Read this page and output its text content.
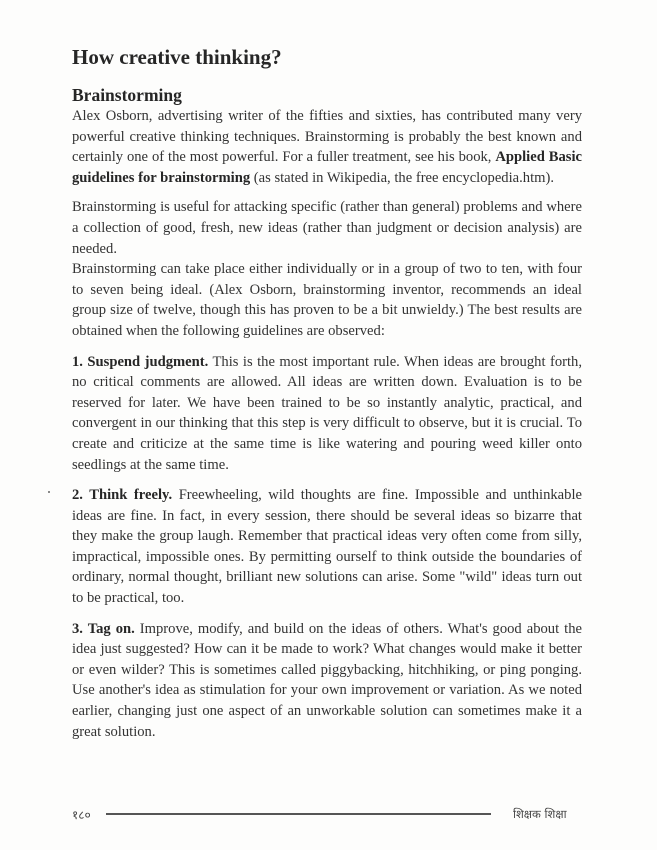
How creative thinking?
Brainstorming

Alex Osborn, advertising writer of the fifties and sixties, has contributed many very powerful creative thinking techniques. Brainstorming is probably the best known and certainly one of the most powerful. For a fuller treatment, see his book, Applied Basic guidelines for brainstorming (as stated in Wikipedia, the free encyclopedia.htm).

Brainstorming is useful for attacking specific (rather than general) problems and where a collection of good, fresh, new ideas (rather than judgment or decision analysis) are needed.

Brainstorming can take place either individually or in a group of two to ten, with four to seven being ideal. (Alex Osborn, brainstorming inventor, recommends an ideal group size of twelve, though this has proven to be a bit unwieldy.) The best results are obtained when the following guidelines are observed:

1. Suspend judgment. This is the most important rule. When ideas are brought forth, no critical comments are allowed. All ideas are written down. Evaluation is to be reserved for later. We have been trained to be so instantly analytic, practical, and convergent in our thinking that this step is very difficult to observe, but it is crucial. To create and criticize at the same time is like watering and pouring weed killer onto seedlings at the same time.

2. Think freely. Freewheeling, wild thoughts are fine. Impossible and unthinkable ideas are fine. In fact, in every session, there should be several ideas so bizarre that they make the group laugh. Remember that practical ideas very often come from silly, impractical, impossible ones. By permitting ourself to think outside the boundaries of ordinary, normal thought, brilliant new solutions can arise. Some "wild" ideas turn out to be practical, too.

3. Tag on. Improve, modify, and build on the ideas of others. What's good about the idea just suggested? How can it be made to work? What changes would make it better or even wilder? This is sometimes called piggybacking, hitchhiking, or ping ponging. Use another's idea as stimulation for your own improvement or variation. As we noted earlier, changing just one aspect of an unworkable solution can sometimes make it a great solution.

१८०	शिक्षक शिक्षा
